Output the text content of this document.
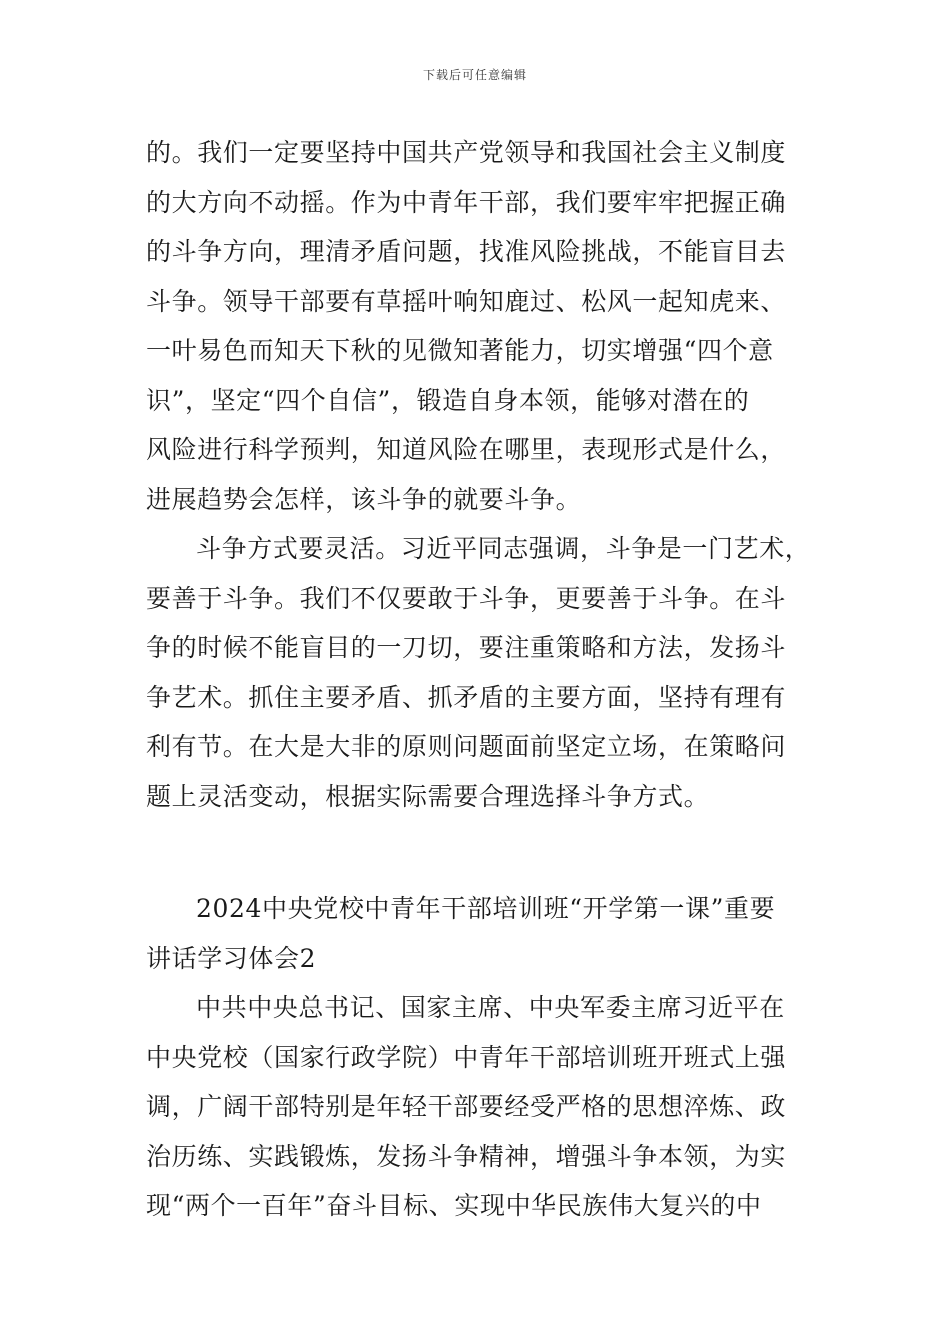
下载后可任意编辑
的。我们一定要坚持中国共产党领导和我国社会主义制度
的大方向不动摇。作为中青年干部，我们要牢牢把握正确
的斗争方向，理清矛盾问题，找准风险挑战，不能盲目去
斗争。领导干部要有草摇叶响知鹿过、松风一起知虎来、
一叶易色而知天下秋的见微知著能力，切实增强“四个意
识”，坚定“四个自信”，锻造自身本领，能够对潜在的
风险进行科学预判，知道风险在哪里，表现形式是什么，
进展趋势会怎样，该斗争的就要斗争。
斗争方式要灵活。习近平同志强调，斗争是一门艺术，
要善于斗争。我们不仅要敢于斗争，更要善于斗争。在斗
争的时候不能盲目的一刀切，要注重策略和方法，发扬斗
争艺术。抓住主要矛盾、抓矛盾的主要方面，坚持有理有
利有节。在大是大非的原则问题面前坚定立场，在策略问
题上灵活变动，根据实际需要合理选择斗争方式。
2024中央党校中青年干部培训班“开学第一课”重要
讲话学习体会2
中共中央总书记、国家主席、中央军委主席习近平在
中央党校（国家行政学院）中青年干部培训班开班式上强
调，广阔干部特别是年轻干部要经受严格的思想淬炼、政
治历练、实践锻炼，发扬斗争精神，增强斗争本领，为实
现“两个一百年”奋斗目标、实现中华民族伟大复兴的中
